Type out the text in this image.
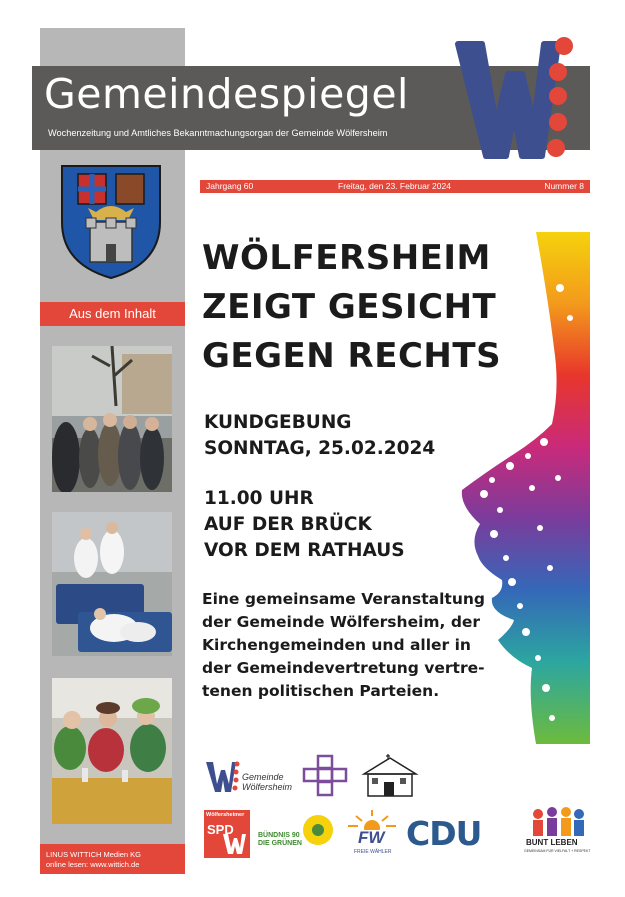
Gemeindespiegel
Wochenzeitung und Amtliches Bekanntmachungsorgan der Gemeinde Wölfersheim
Aus dem Inhalt
LINUS WITTICH Medien KG
online lesen: www.wittich.de
Jahrgang 60	Freitag, den 23. Februar 2024	Nummer 8
WÖLFERSHEIM
ZEIGT GESICHT
GEGEN RECHTS
KUNDGEBUNG
SONNTAG, 25.02.2024
11.00 UHR
AUF DER BRÜCK
VOR DEM RATHAUS
Eine gemeinsame Veranstaltung
der Gemeinde Wölfersheim, der
Kirchengemeinden und aller in
der Gemeindevertretung vertre-
tenen politischen Parteien.
Gemeinde
Wölfersheim
Wölfersheimer
SPD	BÜNDNIS 90
DIE GRÜNEN	FW
FREIE WÄHLER CDU	BUNT LEBEN
GEMEINSAM FÜR VIELFALT + RESPEKT
